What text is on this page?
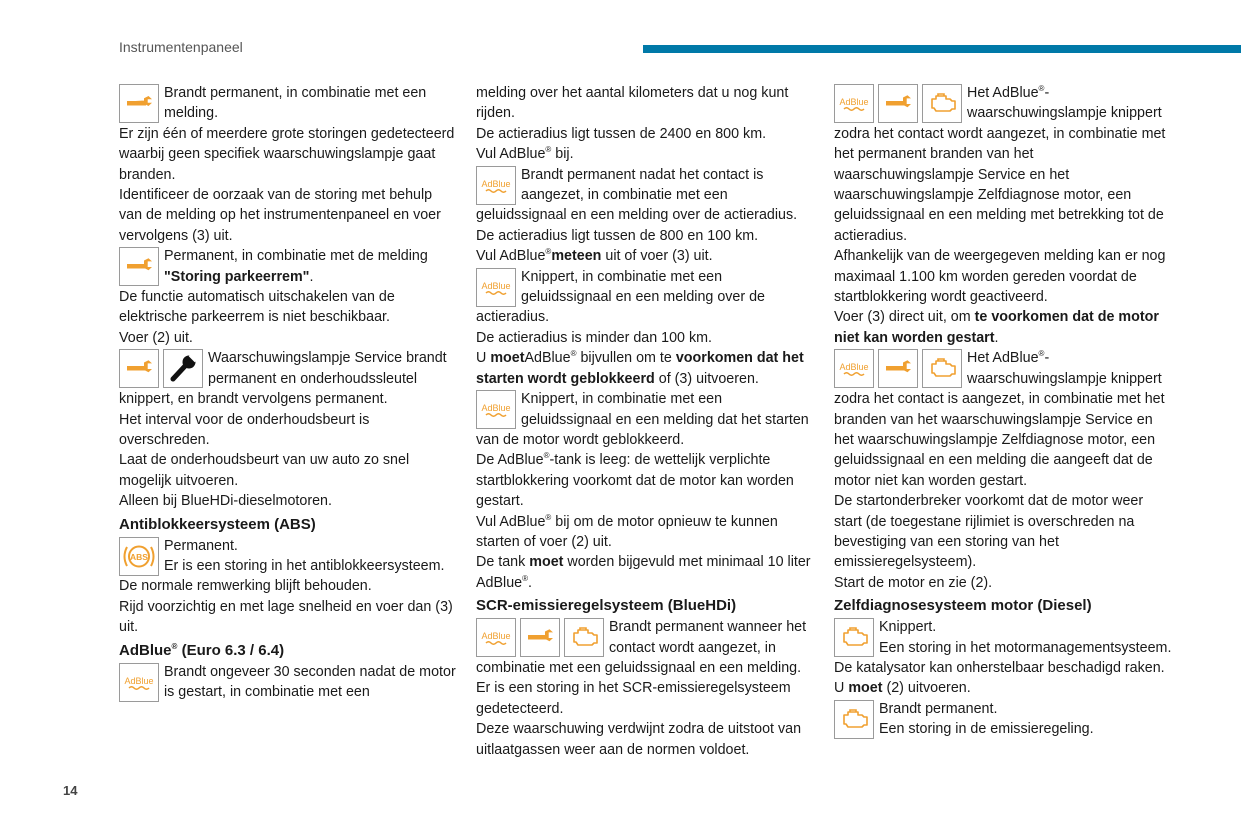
Instrumentenpaneel

Brandt permanent, in combinatie met een melding.

Er zijn één of meerdere grote storingen gedetecteerd waarbij geen specifiek waarschuwingslampje gaat branden.

Identificeer de oorzaak van de storing met behulp van de melding op het instrumentenpaneel en voer vervolgens (3) uit.

Permanent, in combinatie met de melding "Storing parkeerrem".

De functie automatisch uitschakelen van de elektrische parkeerrem is niet beschikbaar.

Voer (2) uit.

Waarschuwingslampje Service brandt permanent en onderhoudssleutel knippert, en brandt vervolgens permanent.

Het interval voor de onderhoudsbeurt is overschreden.

Laat de onderhoudsbeurt van uw auto zo snel mogelijk uitvoeren.

Alleen bij BlueHDi-dieselmotoren.

Antiblokkeersysteem (ABS)
ABS

Permanent.

Er is een storing in het antiblokkeersysteem.

De normale remwerking blijft behouden.

Rijd voorzichtig en met lage snelheid en voer dan (3) uit.

AdBlue® (Euro 6.3 / 6.4)
AdBlue

Brandt ongeveer 30 seconden nadat de motor is gestart, in combinatie met een

melding over het aantal kilometers dat u nog kunt rijden.

De actieradius ligt tussen de 2400 en 800 km.

Vul AdBlue® bij.

AdBlue

Brandt permanent nadat het contact is aangezet, in combinatie met een geluidssignaal en een melding over de actieradius.

De actieradius ligt tussen de 800 en 100 km.

Vul AdBlue®meteen uit of voer (3) uit.

AdBlue

Knippert, in combinatie met een geluidssignaal en een melding over de actieradius.

De actieradius is minder dan 100 km.

U moetAdBlue® bijvullen om te voorkomen dat het starten wordt geblokkeerd of (3) uitvoeren.

AdBlue

Knippert, in combinatie met een geluidssignaal en een melding dat het starten van de motor wordt geblokkeerd.

De AdBlue®-tank is leeg: de wettelijk verplichte startblokkering voorkomt dat de motor kan worden gestart.

Vul AdBlue® bij om de motor opnieuw te kunnen starten of voer (2) uit.

De tank moet worden bijgevuld met minimaal 10 liter AdBlue®.

SCR-emissieregelsysteem (BlueHDi)
AdBlue

Brandt permanent wanneer het contact wordt aangezet, in combinatie met een geluidssignaal en een melding.

Er is een storing in het SCR-emissieregelsysteem gedetecteerd.

Deze waarschuwing verdwijnt zodra de uitstoot van uitlaatgassen weer aan de normen voldoet.

AdBlue

Het AdBlue®-waarschuwingslampje knippert zodra het contact wordt aangezet, in combinatie met het permanent branden van het waarschuwingslampje Service en het waarschuwingslampje Zelfdiagnose motor, een geluidssignaal en een melding met betrekking tot de actieradius.

Afhankelijk van de weergegeven melding kan er nog maximaal 1.100 km worden gereden voordat de startblokkering wordt geactiveerd.

Voer (3) direct uit, om te voorkomen dat de motor niet kan worden gestart.

AdBlue

Het AdBlue®-waarschuwingslampje knippert zodra het contact is aangezet, in combinatie met het branden van het waarschuwingslampje Service en het waarschuwingslampje Zelfdiagnose motor, een geluidssignaal en een melding die aangeeft dat de motor niet kan worden gestart.

De startonderbreker voorkomt dat de motor weer start (de toegestane rijlimiet is overschreden na bevestiging van een storing van het emissieregelsysteem).

Start de motor en zie (2).

Zelfdiagnosesysteem motor (Diesel)

Knippert.

Een storing in het motormanagementsysteem.

De katalysator kan onherstelbaar beschadigd raken.

U moet (2) uitvoeren.

Brandt permanent.

Een storing in de emissieregeling.

14
